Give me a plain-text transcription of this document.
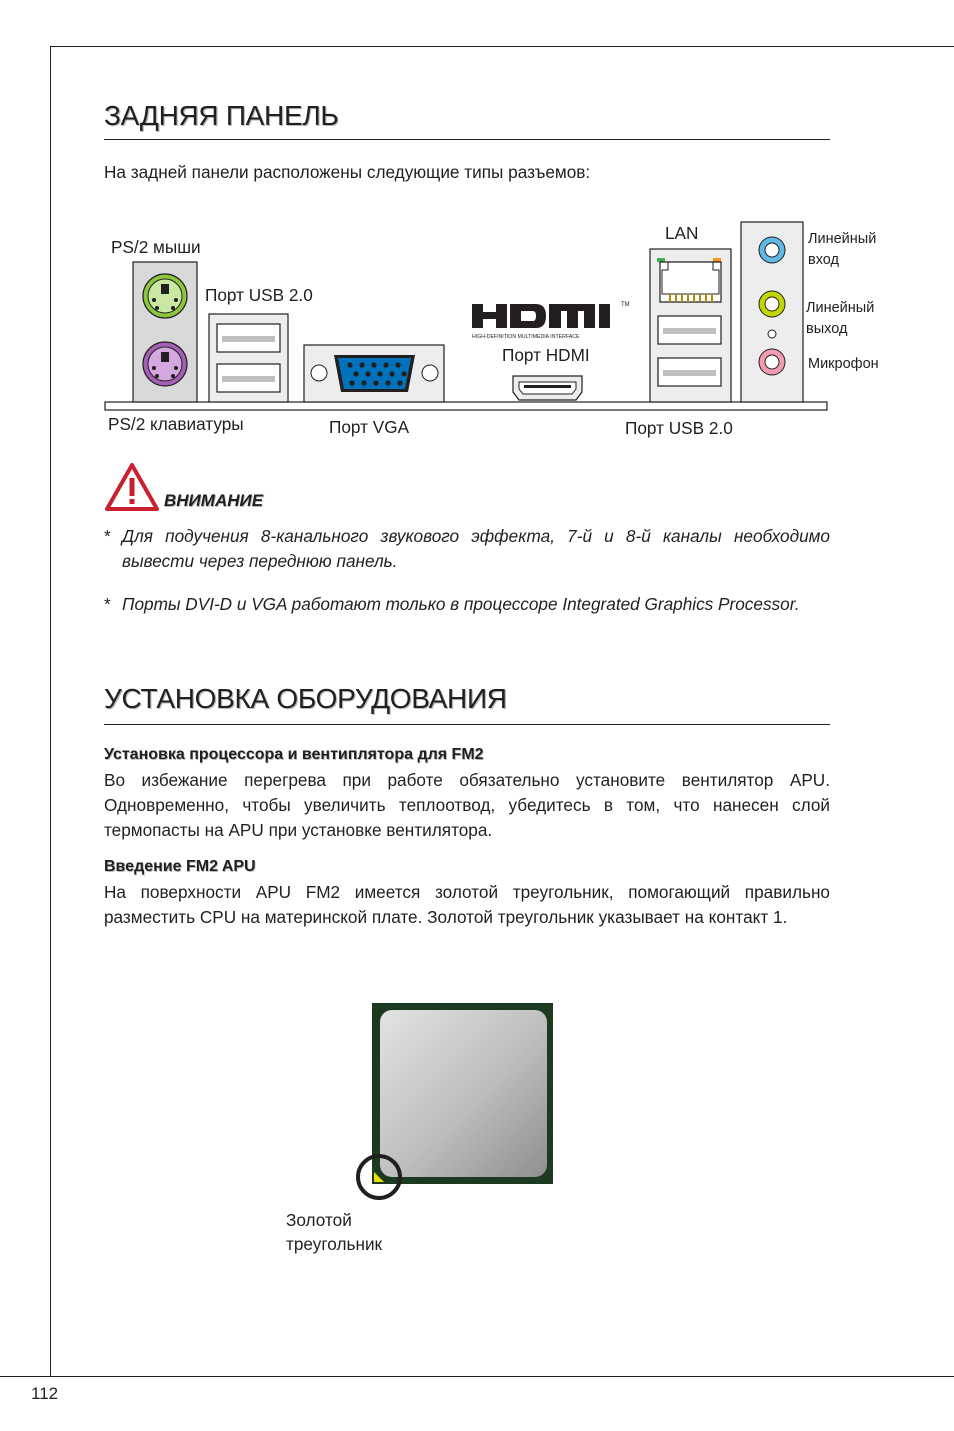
ЗАДНЯЯ ПАНЕЛЬ
На задней панели расположены следующие типы разъемов:
TM
HIGH-DEFINITION MULTIMEDIA INTERFACE
PS/2 мыши
Порт USB 2.0
LAN	Линейный вход
Линейный выход
Микрофон
Порт HDMI
PS/2 клавиатуры	Порт VGA	Порт USB 2.0
ВНИМАНИЕ
* Для подучения 8-канального звукового эффекта, 7-й и 8-й каналы необходимо вывести через переднюю панель.
* Порты DVI-D и VGA работают только в процессоре Integrated Graphics Processor.
УСТАНОВКА ОБОРУДОВАНИЯ
Установка процессора и вентиплятора для FM2
Во избежание перегрева при работе обязательно установите вентилятор APU. Одновременно, чтобы увеличить теплоотвод, убедитесь в том, что нанесен слой термопасты на APU при установке вентилятора.
Введение FM2 APU
На поверхности APU FM2 имеется золотой треугольник, помогающий правильно разместить CPU на материнской плате. Золотой треугольник указывает на контакт 1.
Золотой
треугольник
112
